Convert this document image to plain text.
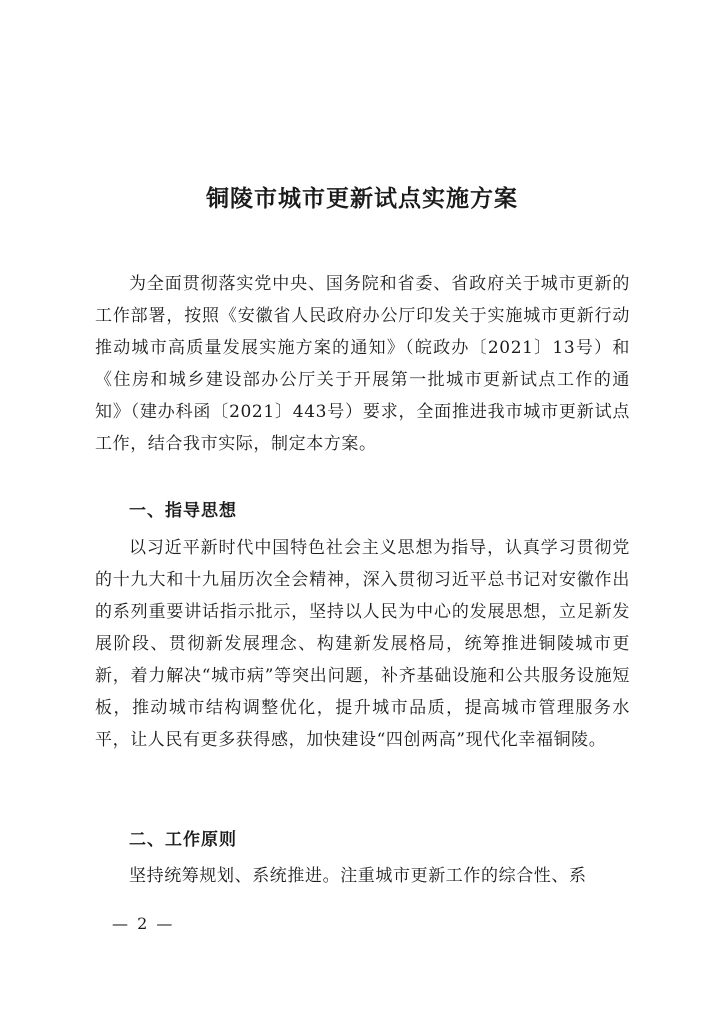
铜陵市城市更新试点实施方案
为全面贯彻落实党中央、国务院和省委、省政府关于城市更新的工作部署，按照《安徽省人民政府办公厅印发关于实施城市更新行动推动城市高质量发展实施方案的通知》（皖政办〔2021〕13号）和《住房和城乡建设部办公厅关于开展第一批城市更新试点工作的通知》（建办科函〔2021〕443号）要求，全面推进我市城市更新试点工作，结合我市实际，制定本方案。
一、指导思想
以习近平新时代中国特色社会主义思想为指导，认真学习贯彻党的十九大和十九届历次全会精神，深入贯彻习近平总书记对安徽作出的系列重要讲话指示批示，坚持以人民为中心的发展思想，立足新发展阶段、贯彻新发展理念、构建新发展格局，统筹推进铜陵城市更新，着力解决“城市病”等突出问题，补齐基础设施和公共服务设施短板，推动城市结构调整优化，提升城市品质，提高城市管理服务水平，让人民有更多获得感，加快建设“四创两高”现代化幸福铜陵。
二、工作原则
坚持统筹规划、系统推进。注重城市更新工作的综合性、系
— 2 —
